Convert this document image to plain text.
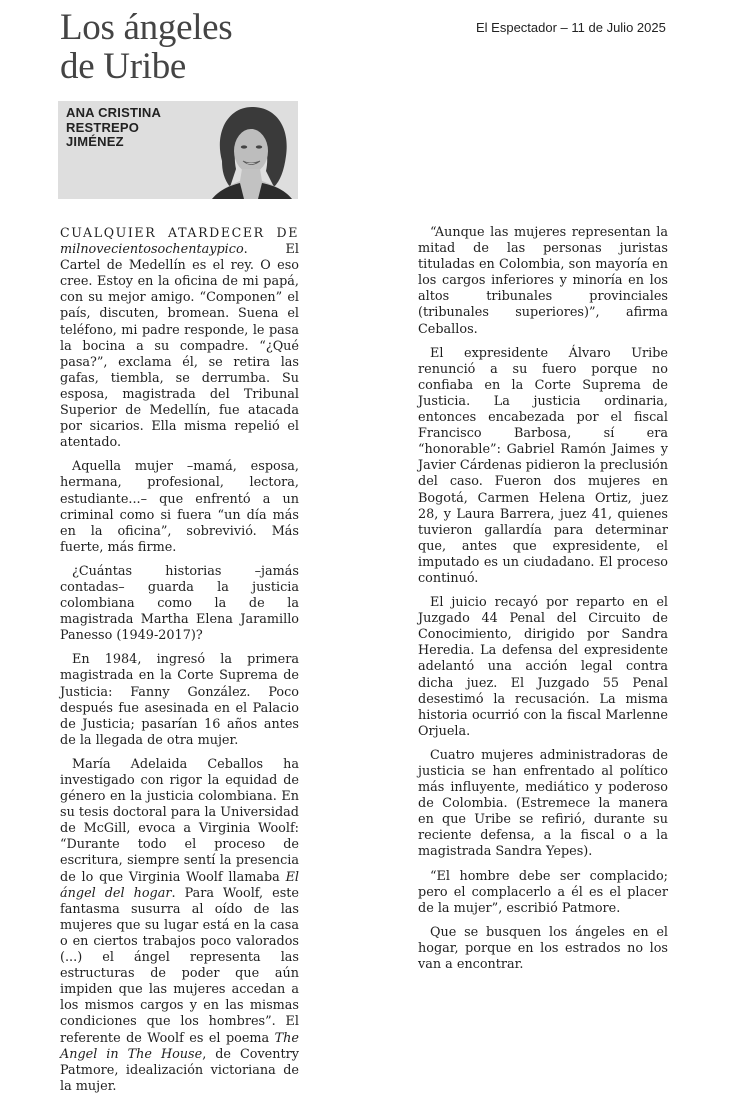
Los ángeles
de Uribe
El Espectador – 11 de Julio 2025
ANA CRISTINA
RESTREPO
JIMÉNEZ

CUALQUIER ATARDECER DE milnovecientosochentaypico. El Cartel de Medellín es el rey. O eso cree. Estoy en la oficina de mi papá, con su mejor amigo. “Componen” el país, discuten, bromean. Suena el teléfono, mi padre responde, le pasa la bocina a su compadre. “¿Qué pasa?”, exclama él, se retira las gafas, tiembla, se derrumba. Su esposa, magistrada del Tribunal Superior de Medellín, fue atacada por sicarios. Ella misma repelió el atentado.

Aquella mujer –mamá, esposa, hermana, profesional, lectora, estudiante...– que enfrentó a un criminal como si fuera “un día más en la oficina”, sobrevivió. Más fuerte, más firme.

¿Cuántas historias –jamás contadas– guarda la justicia colombiana como la de la magistrada Martha Elena Jaramillo Panesso (1949-2017)?

En 1984, ingresó la primera magistrada en la Corte Suprema de Justicia: Fanny González. Poco después fue asesinada en el Palacio de Justicia; pasarían 16 años antes de la llegada de otra mujer.

María Adelaida Ceballos ha investigado con rigor la equidad de género en la justicia colombiana. En su tesis doctoral para la Universidad de McGill, evoca a Virginia Woolf: “Durante todo el proceso de escritura, siempre sentí la presencia de lo que Virginia Woolf llamaba El ángel del hogar. Para Woolf, este fantasma susurra al oído de las mujeres que su lugar está en la casa o en ciertos trabajos poco valorados (...) el ángel representa las estructuras de poder que aún impiden que las mujeres accedan a los mismos cargos y en las mismas condiciones que los hombres”. El referente de Woolf es el poema The Angel in The House, de Coventry Patmore, idealización victoriana de la mujer.

“Aunque las mujeres representan la mitad de las personas juristas tituladas en Colombia, son mayoría en los cargos inferiores y minoría en los altos tribunales provinciales (tribunales superiores)”, afirma Ceballos.

El expresidente Álvaro Uribe renunció a su fuero porque no confiaba en la Corte Suprema de Justicia. La justicia ordinaria, entonces encabezada por el fiscal Francisco Barbosa, sí era “honorable”: Gabriel Ramón Jaimes y Javier Cárdenas pidieron la preclusión del caso. Fueron dos mujeres en Bogotá, Carmen Helena Ortiz, juez 28, y Laura Barrera, juez 41, quienes tuvieron gallardía para determinar que, antes que expresidente, el imputado es un ciudadano. El proceso continuó.

El juicio recayó por reparto en el Juzgado 44 Penal del Circuito de Conocimiento, dirigido por Sandra Heredia. La defensa del expresidente adelantó una acción legal contra dicha juez. El Juzgado 55 Penal desestimó la recusación. La misma historia ocurrió con la fiscal Marlenne Orjuela.

Cuatro mujeres administradoras de justicia se han enfrentado al político más influyente, mediático y poderoso de Colombia. (Estremece la manera en que Uribe se refirió, durante su reciente defensa, a la fiscal o a la magistrada Sandra Yepes).

“El hombre debe ser complacido; pero el complacerlo a él es el placer de la mujer”, escribió Patmore.

Que se busquen los ángeles en el hogar, porque en los estrados no los van a encontrar.
